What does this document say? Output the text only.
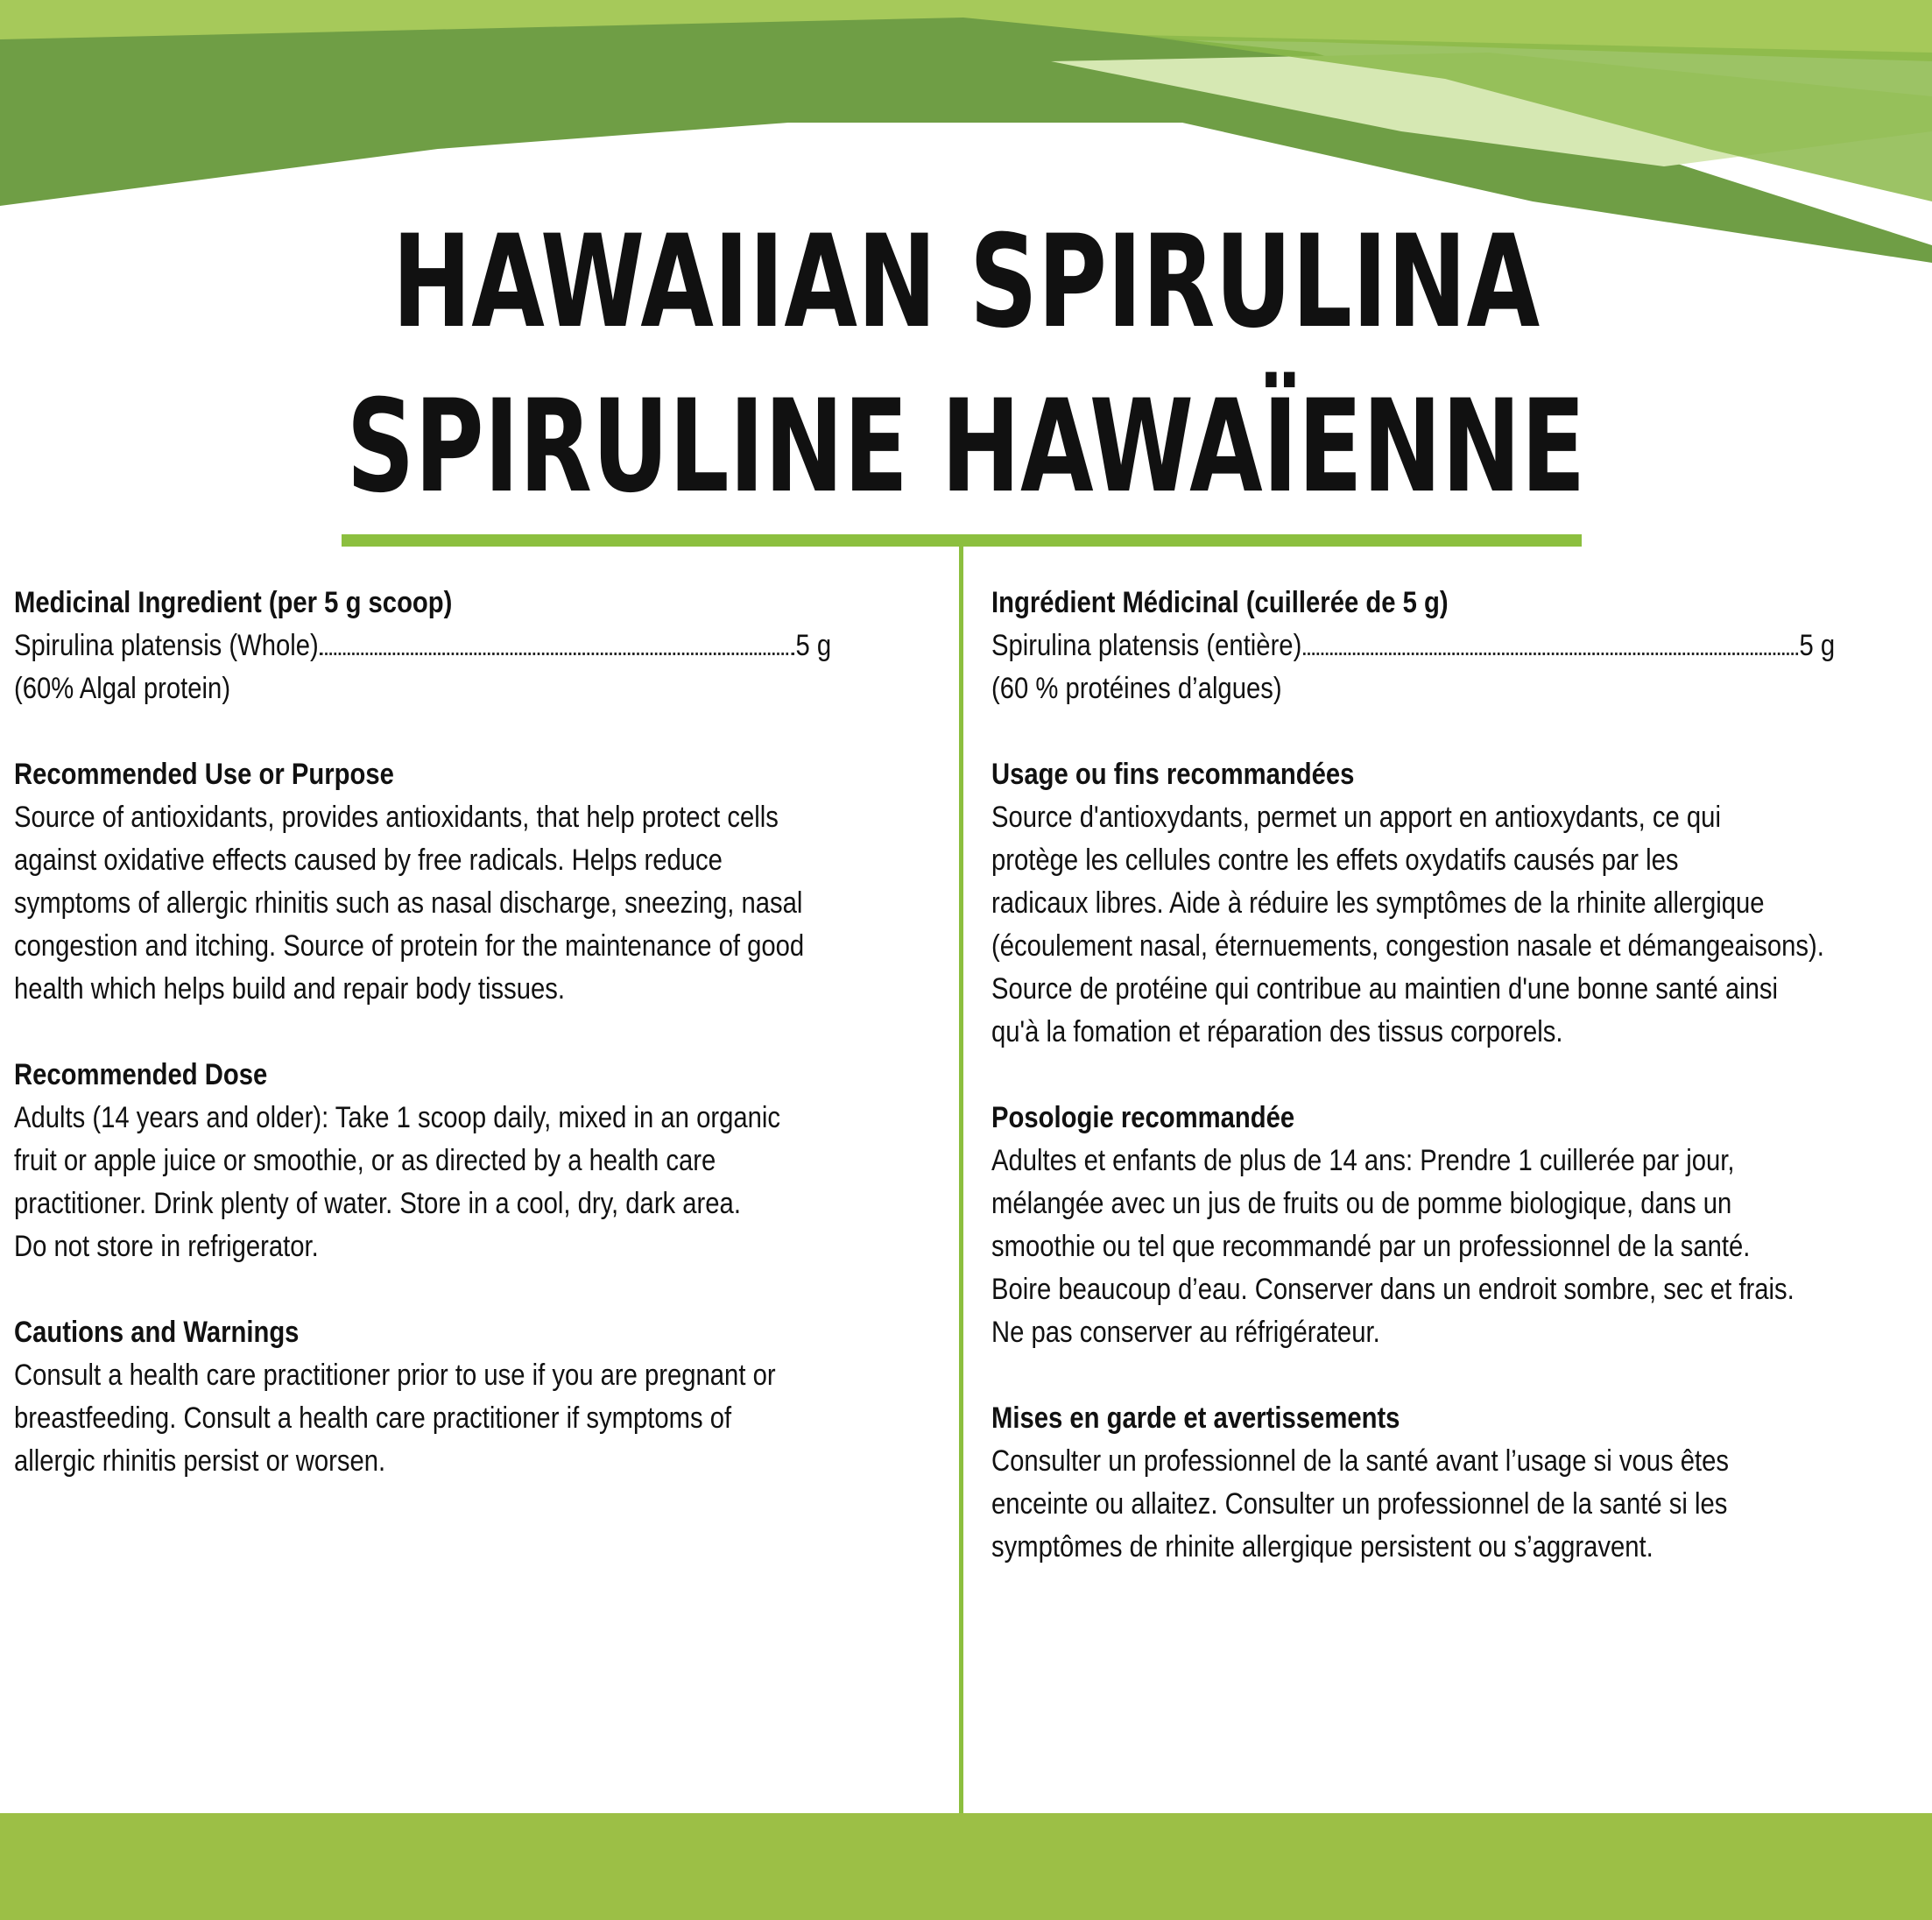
HAWAIIAN SPIRULINA
SPIRULINE HAWAÏENNE
Medicinal Ingredient (per 5 g scoop)
Spirulina platensis (Whole)	5 g
(60% Algal protein)
Recommended Use or Purpose
Source of antioxidants, provides antioxidants, that help protect cells
against oxidative effects caused by free radicals. Helps reduce
symptoms of allergic rhinitis such as nasal discharge, sneezing, nasal
congestion and itching. Source of protein for the maintenance of good
health which helps build and repair body tissues.
Recommended Dose
Adults (14 years and older): Take 1 scoop daily, mixed in an organic
fruit or apple juice or smoothie, or as directed by a health care
practitioner. Drink plenty of water. Store in a cool, dry, dark area.
Do not store in refrigerator.
Cautions and Warnings
Consult a health care practitioner prior to use if you are pregnant or
breastfeeding. Consult a health care practitioner if symptoms of
allergic rhinitis persist or worsen.
Ingrédient Médicinal (cuillerée de 5 g)
Spirulina platensis (entière)	5 g
(60 % protéines d’algues)
Usage ou fins recommandées
Source d'antioxydants, permet un apport en antioxydants, ce qui
protège les cellules contre les effets oxydatifs causés par les
radicaux libres. Aide à réduire les symptômes de la rhinite allergique
(écoulement nasal, éternuements, congestion nasale et démangeaisons).
Source de protéine qui contribue au maintien d'une bonne santé ainsi
qu'à la fomation et réparation des tissus corporels.
Posologie recommandée
Adultes et enfants de plus de 14 ans: Prendre 1 cuillerée par jour,
mélangée avec un jus de fruits ou de pomme biologique, dans un
smoothie ou tel que recommandé par un professionnel de la santé.
Boire beaucoup d’eau. Conserver dans un endroit sombre, sec et frais.
Ne pas conserver au réfrigérateur.
Mises en garde et avertissements
Consulter un professionnel de la santé avant l’usage si vous êtes
enceinte ou allaitez. Consulter un professionnel de la santé si les
symptômes de rhinite allergique persistent ou s’aggravent.
